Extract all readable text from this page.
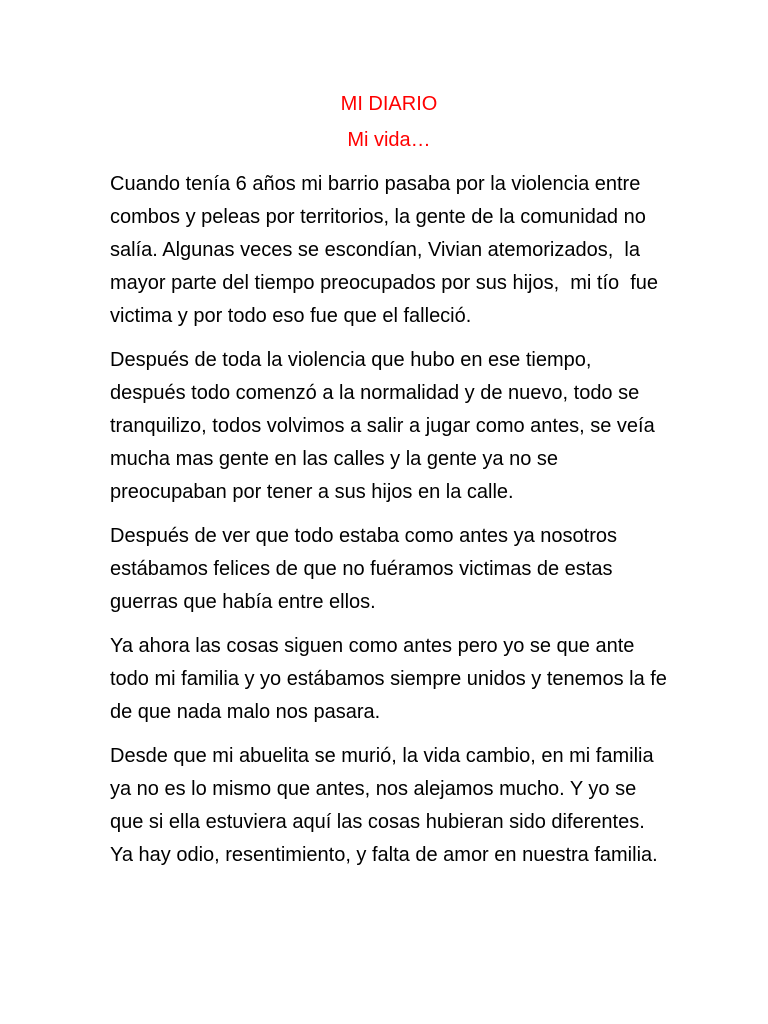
MI DIARIO
Mi vida…

Cuando tenía 6 años mi barrio pasaba por la violencia entre combos y peleas por territorios, la gente de la comunidad no salía. Algunas veces se escondían, Vivian atemorizados,  la mayor parte del tiempo preocupados por sus hijos,  mi tío  fue victima y por todo eso fue que el falleció.

Después de toda la violencia que hubo en ese tiempo, después todo comenzó a la normalidad y de nuevo, todo se tranquilizo, todos volvimos a salir a jugar como antes, se veía mucha mas gente en las calles y la gente ya no se preocupaban por tener a sus hijos en la calle.

Después de ver que todo estaba como antes ya nosotros estábamos felices de que no fuéramos victimas de estas guerras que había entre ellos.

Ya ahora las cosas siguen como antes pero yo se que ante todo mi familia y yo estábamos siempre unidos y tenemos la fe de que nada malo nos pasara.

Desde que mi abuelita se murió, la vida cambio, en mi familia ya no es lo mismo que antes, nos alejamos mucho. Y yo se que si ella estuviera aquí las cosas hubieran sido diferentes. Ya hay odio, resentimiento, y falta de amor en nuestra familia.
